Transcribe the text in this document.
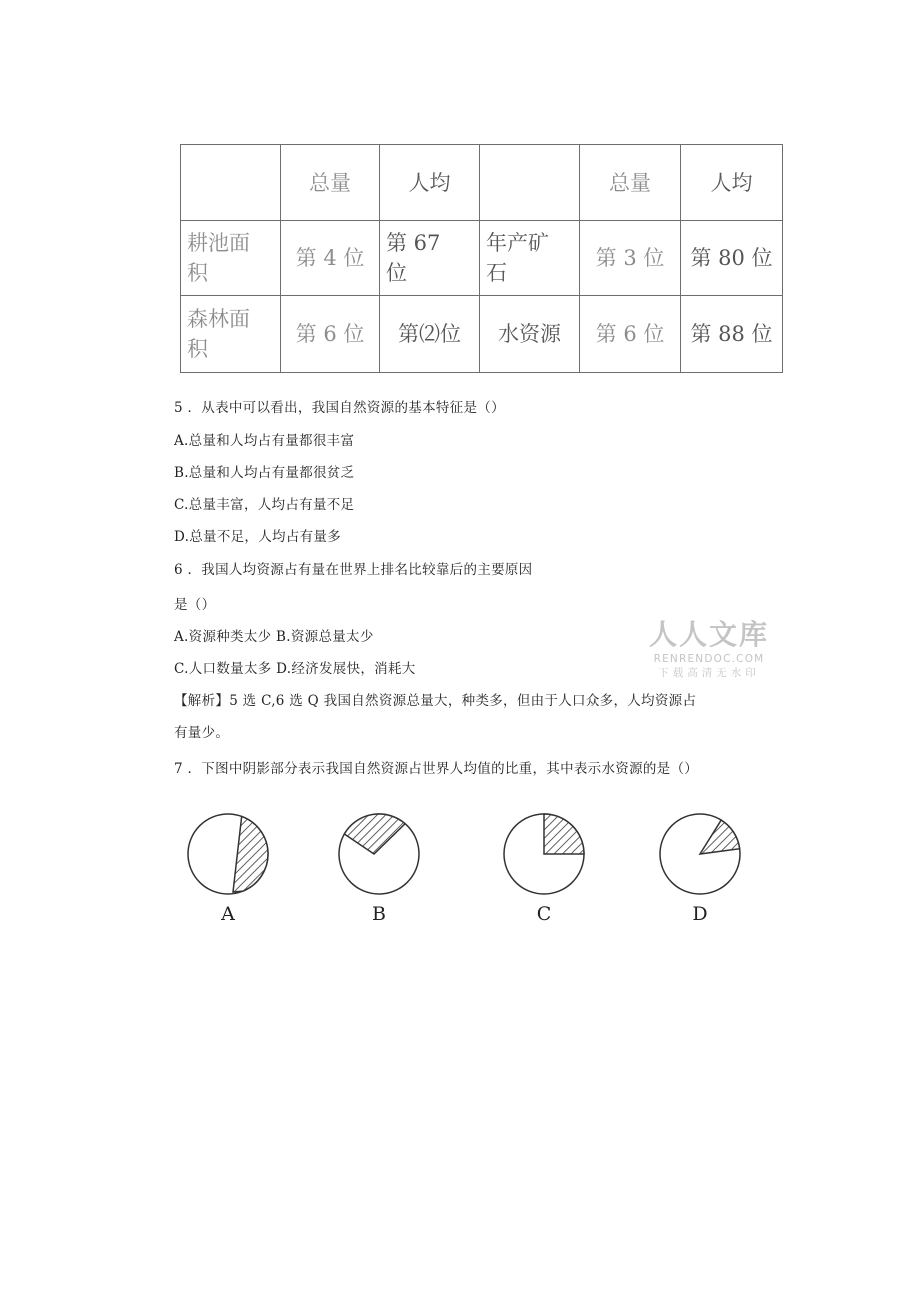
	总量	人均		总量	人均
耕池面积	第 4 位	第 67 位	年产矿石	第 3 位	第 80 位
森林面积	第 6 位	第⑵位	水资源	第 6 位	第 88 位
5 ．从表中可以看出，我国自然资源的基本特征是（）
A.总量和人均占有量都很丰富
B.总量和人均占有量都很贫乏
C.总量丰富，人均占有量不足
D.总量不足，人均占有量多
6 ．我国人均资源占有量在世界上排名比较靠后的主要原因
是（）
A.资源种类太少 B.资源总量太少
C.人口数量太多 D.经济发展快，消耗大
【解析】5 选 C,6 选 Q 我国自然资源总量大，种类多，但由于人口众多，人均资源占
有量少。
7 ．下图中阴影部分表示我国自然资源占世界人均值的比重，其中表示水资源的是（）
人人文库
RENRENDOC.COM
下载高清无水印
A	B	C	D
